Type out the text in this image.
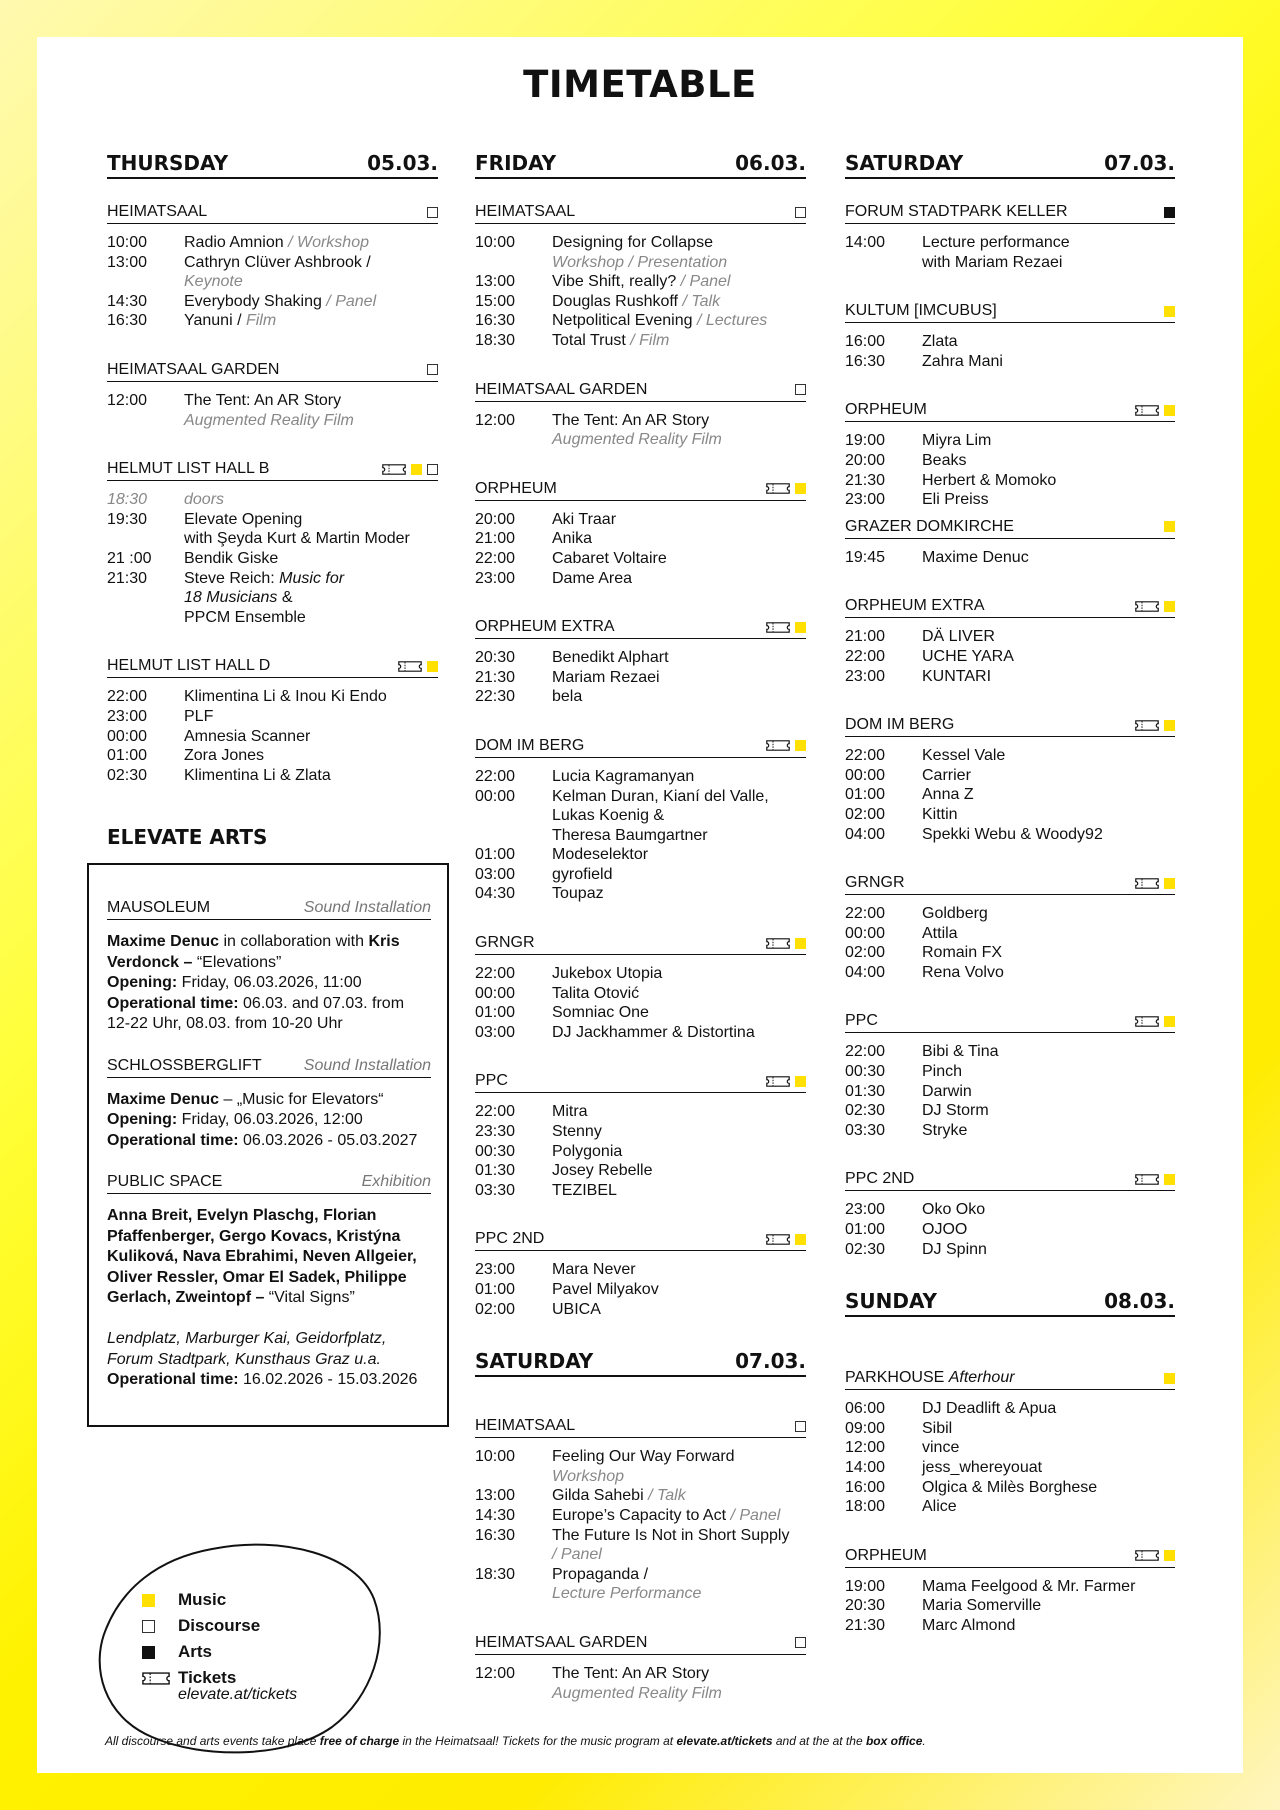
TIMETABLE
THURSDAY	05.03.
HEIMATSAAL
10:00	Radio Amnion / Workshop
13:00	Cathryn Clüver Ashbrook /
Keynote
14:30	Everybody Shaking / Panel
16:30	Yanuni / Film
HEIMATSAAL GARDEN
12:00	The Tent: An AR Story
Augmented Reality Film
HELMUT LIST HALL B
18:30	doors
19:30	Elevate Opening
with Şeyda Kurt & Martin Moder
21 :00	Bendik Giske
21:30	Steve Reich: Music for
18 Musicians &
PPCM Ensemble
HELMUT LIST HALL D
22:00	Klimentina Li & Inou Ki Endo
23:00	PLF
00:00	Amnesia Scanner
01:00	Zora Jones
02:30	Klimentina Li & Zlata
ELEVATE ARTS
MAUSOLEUM	Sound Installation
Maxime Denuc in collaboration with Kris Verdonck – “Elevations”
Opening: Friday, 06.03.2026, 11:00
Operational time: 06.03. and 07.03. from 12-22 Uhr, 08.03. from 10-20 Uhr
SCHLOSSBERGLIFT	Sound Installation
Maxime Denuc – „Music for Elevators“
Opening: Friday, 06.03.2026, 12:00
Operational time: 06.03.2026 - 05.03.2027
PUBLIC SPACE	Exhibition
Anna Breit, Evelyn Plaschg, Florian Pfaffenberger, Gergo Kovacs, Kristýna Kuliková, Nava Ebrahimi, Neven Allgeier, Oliver Ressler, Omar El Sadek, Philippe Gerlach, Zweintopf – “Vital Signs”

Lendplatz, Marburger Kai, Geidorfplatz, Forum Stadtpark, Kunsthaus Graz u.a.
Operational time: 16.02.2026 - 15.03.2026
FRIDAY	06.03.
HEIMATSAAL
10:00	Designing for Collapse
Workshop / Presentation
13:00	Vibe Shift, really? / Panel
15:00	Douglas Rushkoff / Talk
16:30	Netpolitical Evening / Lectures
18:30	Total Trust / Film
HEIMATSAAL GARDEN
12:00	The Tent: An AR Story
Augmented Reality Film
ORPHEUM
20:00	Aki Traar
21:00	Anika
22:00	Cabaret Voltaire
23:00	Dame Area
ORPHEUM EXTRA
20:30	Benedikt Alphart
21:30	Mariam Rezaei
22:30	bela
DOM IM BERG
22:00	Lucia Kagramanyan
00:00	Kelman Duran, Kianí del Valle,
Lukas Koenig &
Theresa Baumgartner
01:00	Modeselektor
03:00	gyrofield
04:30	Toupaz
GRNGR
22:00	Jukebox Utopia
00:00	Talita Otović
01:00	Somniac One
03:00	DJ Jackhammer & Distortina
PPC
22:00	Mitra
23:30	Stenny
00:30	Polygonia
01:30	Josey Rebelle
03:30	TEZIBEL
PPC 2ND
23:00	Mara Never
01:00	Pavel Milyakov
02:00	UBICA
SATURDAY	07.03.
HEIMATSAAL
10:00	Feeling Our Way Forward
Workshop
13:00	Gilda Sahebi / Talk
14:30	Europe’s Capacity to Act / Panel
16:30	The Future Is Not in Short Supply
/ Panel
18:30	Propaganda /
Lecture Performance
HEIMATSAAL GARDEN
12:00	The Tent: An AR Story
Augmented Reality Film
SATURDAY	07.03.
FORUM STADTPARK KELLER
14:00	Lecture performance
with Mariam Rezaei
KULTUM [IMCUBUS]
16:00	Zlata
16:30	Zahra Mani
ORPHEUM
19:00	Miyra Lim
20:00	Beaks
21:30	Herbert & Momoko
23:00	Eli Preiss
GRAZER DOMKIRCHE
19:45	Maxime Denuc
ORPHEUM EXTRA
21:00	DÄ LIVER
22:00	UCHE YARA
23:00	KUNTARI
DOM IM BERG
22:00	Kessel Vale
00:00	Carrier
01:00	Anna Z
02:00	Kittin
04:00	Spekki Webu & Woody92
GRNGR
22:00	Goldberg
00:00	Attila
02:00	Romain FX
04:00	Rena Volvo
PPC
22:00	Bibi & Tina
00:30	Pinch
01:30	Darwin
02:30	DJ Storm
03:30	Stryke
PPC 2ND
23:00	Oko Oko
01:00	OJOO
02:30	DJ Spinn
SUNDAY	08.03.
PARKHOUSE Afterhour
06:00	DJ Deadlift & Apua
09:00	Sibil
12:00	vince
14:00	jess_whereyouat
16:00	Olgica & Milès Borghese
18:00	Alice
ORPHEUM
19:00	Mama Feelgood & Mr. Farmer
20:30	Maria Somerville
21:30	Marc Almond
Music
Discourse
Arts
Tickets
elevate.at/tickets
All discourse and arts events take place free of charge in the Heimatsaal! Tickets for the music program at elevate.at/tickets and at the at the box office.
